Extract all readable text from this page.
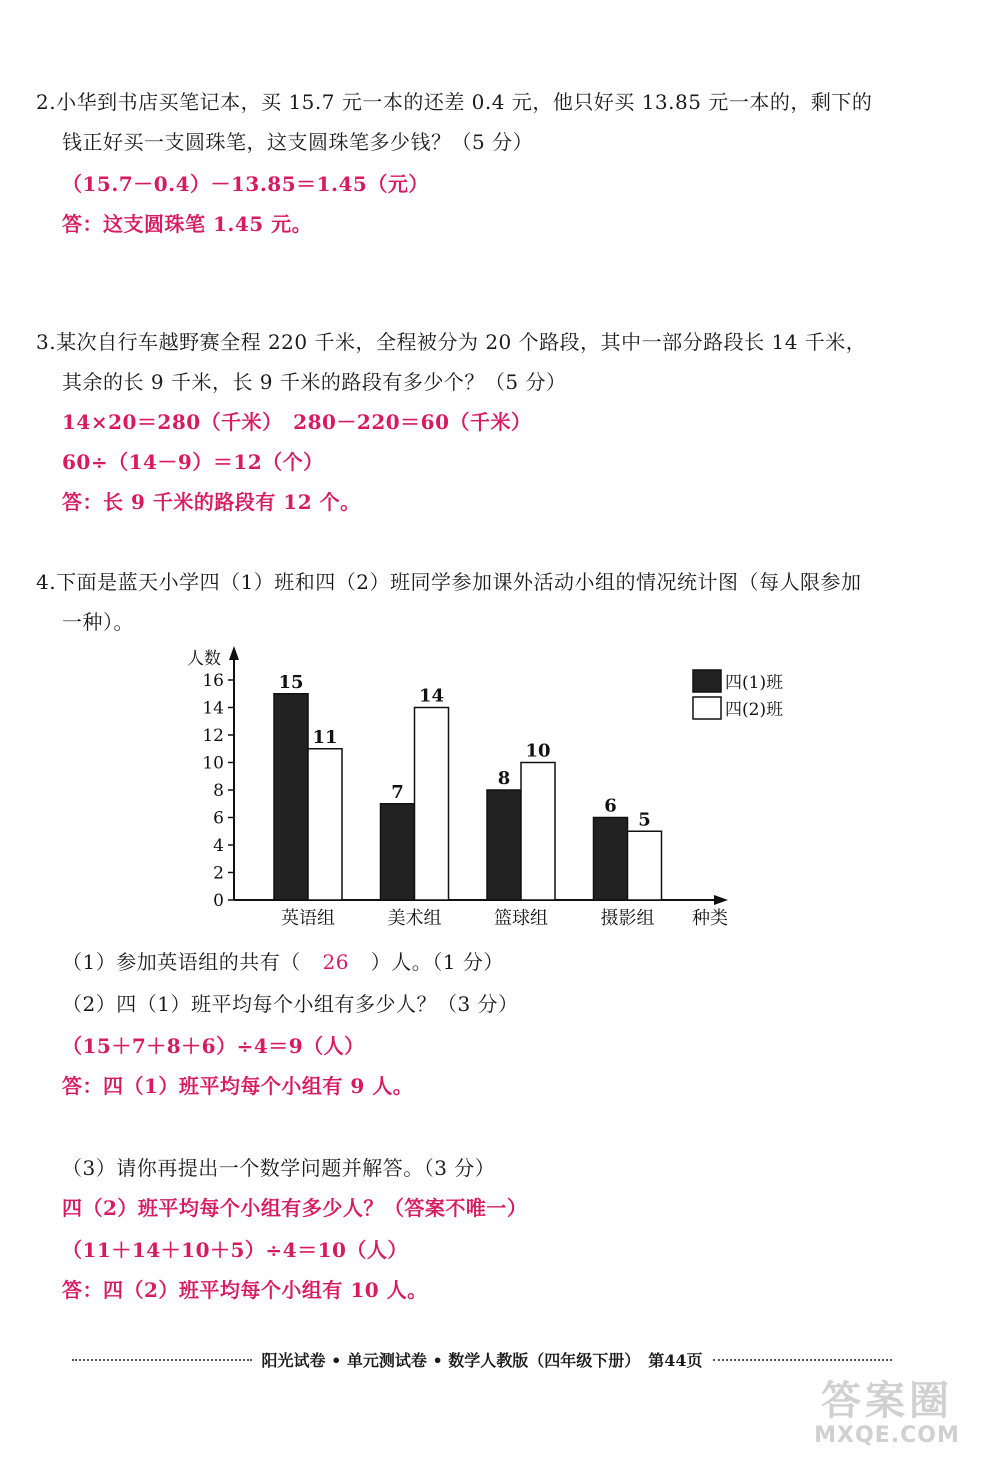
2.小华到书店买笔记本，买 15.7 元一本的还差 0.4 元，他只好买 13.85 元一本的，剩下的
钱正好买一支圆珠笔，这支圆珠笔多少钱？（5 分）
（15.7－0.4）－13.85＝1.45（元）
答：这支圆珠笔 1.45 元。
3.某次自行车越野赛全程 220 千米，全程被分为 20 个路段，其中一部分路段长 14 千米，
其余的长 9 千米，长 9 千米的路段有多少个？（5 分）
14×20＝280（千米）　280－220＝60（千米）
60÷（14－9）＝12（个）
答：长 9 千米的路段有 12 个。
4.下面是蓝天小学四（1）班和四（2）班同学参加课外活动小组的情况统计图（每人限参加
一种）。
0
2
4
6
8
10
12
14
16
人数
种类
15
11
英语组
7
14
美术组
8
10
篮球组
6
5
摄影组
四(1)班
四(2)班
（1）参加英语组的共有（ 26 ）人。（1 分）
（2）四（1）班平均每个小组有多少人？（3 分）
（15＋7＋8＋6）÷4＝9（人）
答：四（1）班平均每个小组有 9 人。
（3）请你再提出一个数学问题并解答。（3 分）
四（2）班平均每个小组有多少人？（答案不唯一）
（11＋14＋10＋5）÷4＝10（人）
答：四（2）班平均每个小组有 10 人。
阳光试卷 • 单元测试卷 • 数学人教版（四年级下册）　第44页
答案圈
MXQE.COM
